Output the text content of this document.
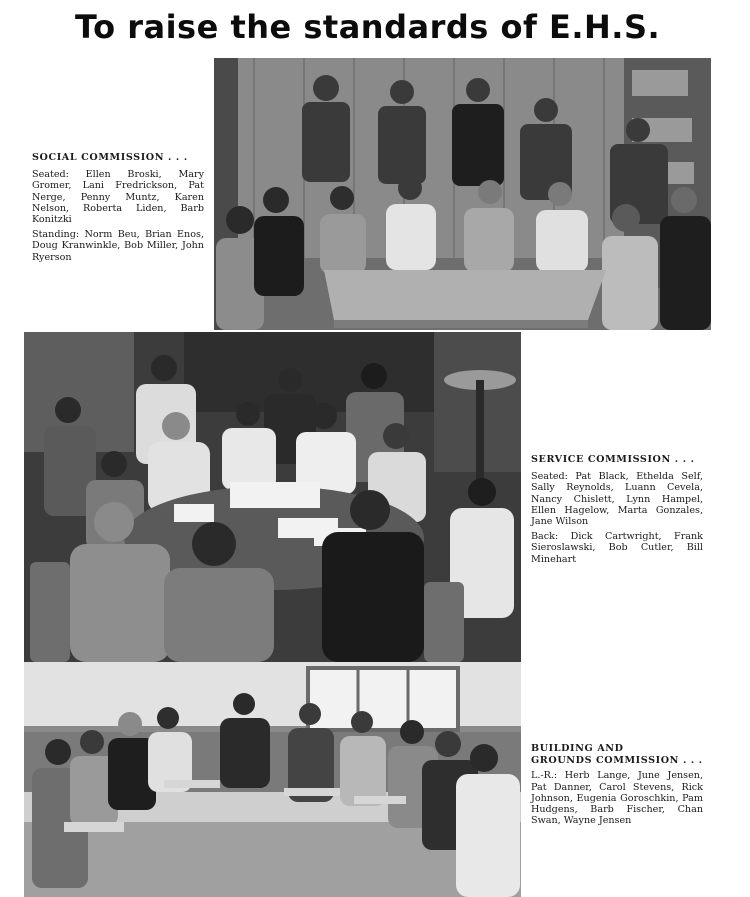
To raise the standards of E.H.S.
SOCIAL COMMISSION . . .

Seated: Ellen Broski, Mary Gromer, Lani Fredrickson, Pat Nerge, Penny Muntz, Karen Nelson, Roberta Liden, Barb Konitzki

Standing: Norm Beu, Brian Enos, Doug Kranwinkle, Bob Miller, John Ryerson

SERVICE COMMISSION . . .

Seated: Pat Black, Ethelda Self, Sally Reynolds, Luann Cevela, Nancy Chislett, Lynn Hampel, Ellen Hagelow, Marta Gonzales, Jane Wilson

Back: Dick Cartwright, Frank Sieroslawski, Bob Cutler, Bill Minehart

BUILDING AND
GROUNDS COMMISSION . . .

L.-R.: Herb Lange, June Jensen, Pat Danner, Carol Stevens, Rick Johnson, Eugenia Goroschkin, Pam Hudgens, Barb Fischer, Chan Swan, Wayne Jensen
